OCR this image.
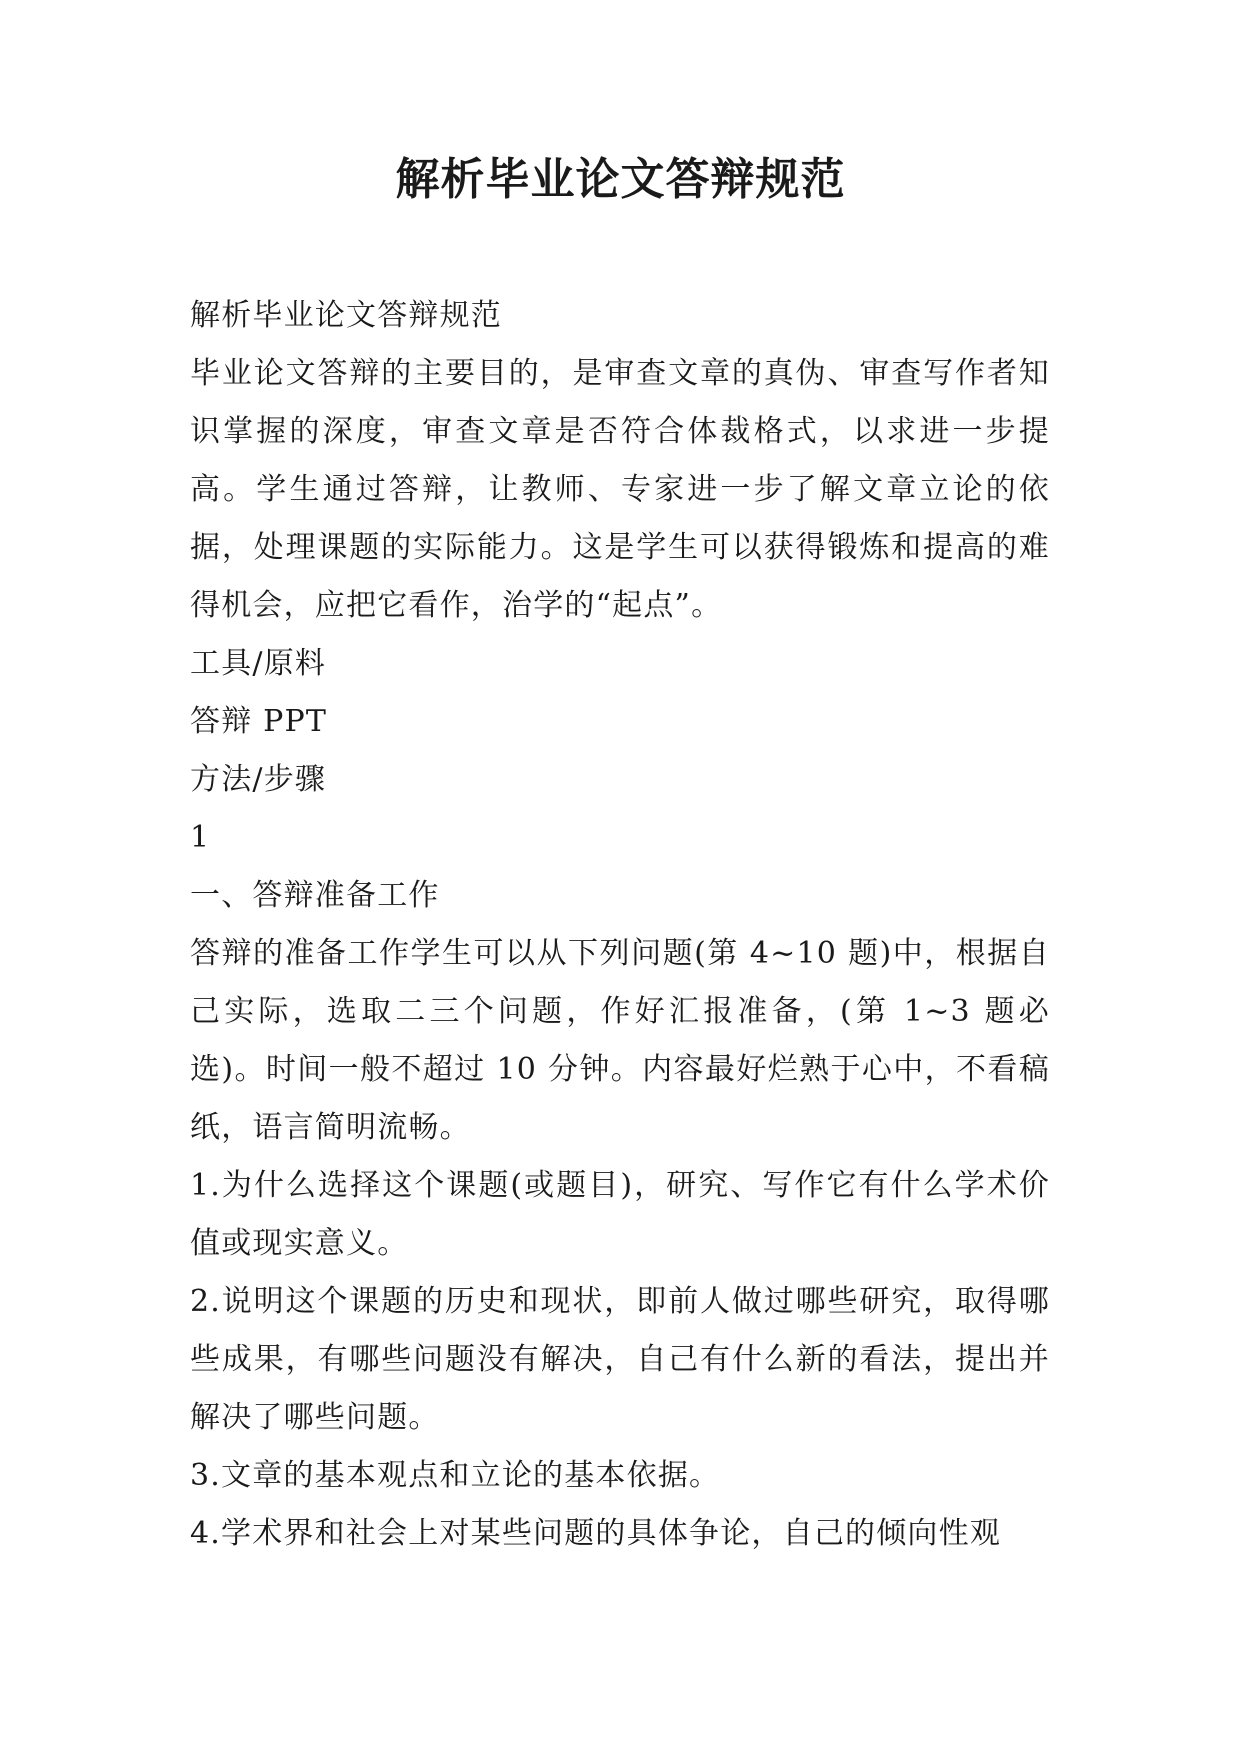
解析毕业论文答辩规范

解析毕业论文答辩规范

毕业论文答辩的主要目的，是审查文章的真伪、审查写作者知识掌握的深度，审查文章是否符合体裁格式，以求进一步提高。学生通过答辩，让教师、专家进一步了解文章立论的依据，处理课题的实际能力。这是学生可以获得锻炼和提高的难得机会，应把它看作，治学的“起点”。

工具/原料

答辩 PPT

方法/步骤

1

一、答辩准备工作

答辩的准备工作学生可以从下列问题(第 4~10 题)中，根据自己实际，选取二三个问题，作好汇报准备，(第 1~3 题必选)。时间一般不超过 10 分钟。内容最好烂熟于心中，不看稿纸，语言简明流畅。

1.为什么选择这个课题(或题目)，研究、写作它有什么学术价值或现实意义。

2.说明这个课题的历史和现状，即前人做过哪些研究，取得哪些成果，有哪些问题没有解决，自己有什么新的看法，提出并解决了哪些问题。

3.文章的基本观点和立论的基本依据。

4.学术界和社会上对某些问题的具体争论，自己的倾向性观
